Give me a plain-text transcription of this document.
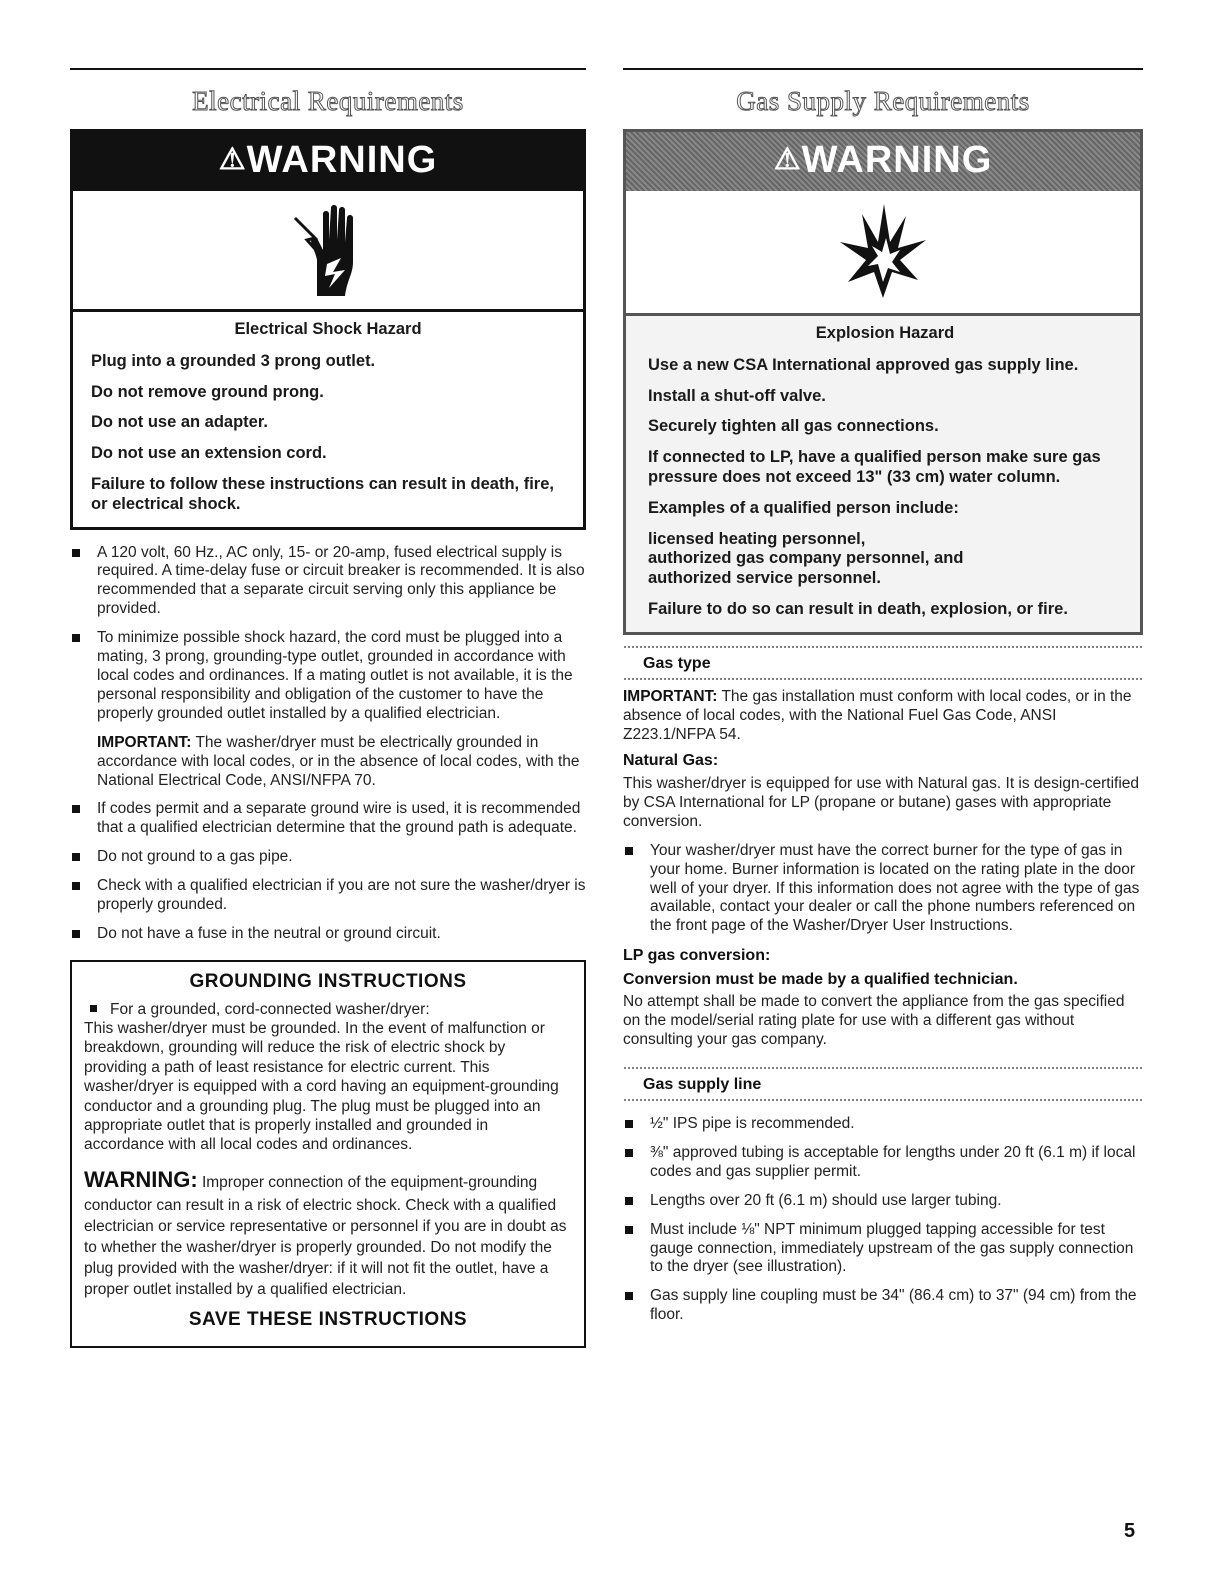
Electrical Requirements
⚠WARNING

Electrical Shock Hazard

Plug into a grounded 3 prong outlet.

Do not remove ground prong.

Do not use an adapter.

Do not use an extension cord.

Failure to follow these instructions can result in death, fire, or electrical shock.

A 120 volt, 60 Hz., AC only, 15- or 20-amp, fused electrical supply is required. A time-delay fuse or circuit breaker is recommended. It is also recommended that a separate circuit serving only this appliance be provided.
To minimize possible shock hazard, the cord must be plugged into a mating, 3 prong, grounding-type outlet, grounded in accordance with local codes and ordinances. If a mating outlet is not available, it is the personal responsibility and obligation of the customer to have the properly grounded outlet installed by a qualified electrician.

IMPORTANT: The washer/dryer must be electrically grounded in accordance with local codes, or in the absence of local codes, with the National Electrical Code, ANSI/NFPA 70.

If codes permit and a separate ground wire is used, it is recommended that a qualified electrician determine that the ground path is adequate.
Do not ground to a gas pipe.
Check with a qualified electrician if you are not sure the washer/dryer is properly grounded.
Do not have a fuse in the neutral or ground circuit.
GROUNDING INSTRUCTIONS
For a grounded, cord-connected washer/dryer:
This washer/dryer must be grounded. In the event of malfunction or breakdown, grounding will reduce the risk of electric shock by providing a path of least resistance for electric current. This washer/dryer is equipped with a cord having an equipment-grounding conductor and a grounding plug. The plug must be plugged into an appropriate outlet that is properly installed and grounded in accordance with all local codes and ordinances.
WARNING: Improper connection of the equipment-grounding conductor can result in a risk of electric shock. Check with a qualified electrician or service representative or personnel if you are in doubt as to whether the washer/dryer is properly grounded. Do not modify the plug provided with the washer/dryer: if it will not fit the outlet, have a proper outlet installed by a qualified electrician.
SAVE THESE INSTRUCTIONS
Gas Supply Requirements
⚠WARNING

Explosion Hazard

Use a new CSA International approved gas supply line.

Install a shut-off valve.

Securely tighten all gas connections.

If connected to LP, have a qualified person make sure gas pressure does not exceed 13" (33 cm) water column.

Examples of a qualified person include:

licensed heating personnel,
authorized gas company personnel, and
authorized service personnel.

Failure to do so can result in death, explosion, or fire.

Gas type

IMPORTANT: The gas installation must conform with local codes, or in the absence of local codes, with the National Fuel Gas Code, ANSI Z223.1/NFPA 54.

Natural Gas:

This washer/dryer is equipped for use with Natural gas. It is design-certified by CSA International for LP (propane or butane) gases with appropriate conversion.

Your washer/dryer must have the correct burner for the type of gas in your home. Burner information is located on the rating plate in the door well of your dryer. If this information does not agree with the type of gas available, contact your dealer or call the phone numbers referenced on the front page of the Washer/Dryer User Instructions.
LP gas conversion:
Conversion must be made by a qualified technician.

No attempt shall be made to convert the appliance from the gas specified on the model/serial rating plate for use with a different gas without consulting your gas company.

Gas supply line
½" IPS pipe is recommended.
⅜" approved tubing is acceptable for lengths under 20 ft (6.1 m) if local codes and gas supplier permit.
Lengths over 20 ft (6.1 m) should use larger tubing.
Must include ⅛" NPT minimum plugged tapping accessible for test gauge connection, immediately upstream of the gas supply connection to the dryer (see illustration).
Gas supply line coupling must be 34" (86.4 cm) to 37" (94 cm) from the floor.
5
